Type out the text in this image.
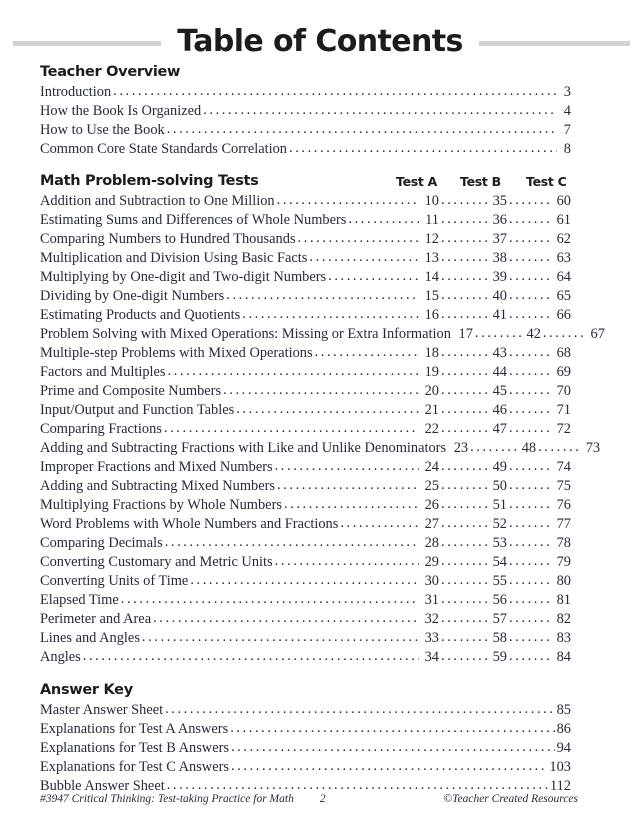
Table of Contents
Teacher Overview
Introduction .....	3
How the Book Is Organized .....	4
How to Use the Book .....	7
Common Core State Standards Correlation .....	8
Math Problem-solving Tests	Test A Test B Test C
Addition and Subtraction to One Million .....	10 .....	35 .....	60
Estimating Sums and Differences of Whole Numbers .....	11 .....	36 .....	61
Comparing Numbers to Hundred Thousands .....	12 .....	37 .....	62
Multiplication and Division Using Basic Facts .....	13 .....	38 .....	63
Multiplying by One-digit and Two-digit Numbers .....	14 .....	39 .....	64
Dividing by One-digit Numbers .....	15 .....	40 .....	65
Estimating Products and Quotients .....	16 .....	41 .....	66
Problem Solving with Mixed Operations: Missing or Extra Information 17 .....	42 .....	67
Multiple-step Problems with Mixed Operations .....	18 .....	43 .....	68
Factors and Multiples .....	19 .....	44 .....	69
Prime and Composite Numbers .....	20 .....	45 .....	70
Input/Output and Function Tables .....	21 .....	46 .....	71
Comparing Fractions .....	22 .....	47 .....	72
Adding and Subtracting Fractions with Like and Unlike Denominators 23 .....	48 .....	73
Improper Fractions and Mixed Numbers .....	24 .....	49 .....	74
Adding and Subtracting Mixed Numbers .....	25 .....	50 .....	75
Multiplying Fractions by Whole Numbers .....	26 .....	51 .....	76
Word Problems with Whole Numbers and Fractions .....	27 .....	52 .....	77
Comparing Decimals .....	28 .....	53 .....	78
Converting Customary and Metric Units .....	29 .....	54 .....	79
Converting Units of Time .....	30 .....	55 .....	80
Elapsed Time .....	31 .....	56 .....	81
Perimeter and Area .....	32 .....	57 .....	82
Lines and Angles .....	33 .....	58 .....	83
Angles .....	34 .....	59 .....	84
Answer Key
Master Answer Sheet .....	85
Explanations for Test A Answers .....	86
Explanations for Test B Answers .....	94
Explanations for Test C Answers .....	103
Bubble Answer Sheet .....	112
#3947 Critical Thinking: Test-taking Practice for Math 2	©Teacher Created Resources
